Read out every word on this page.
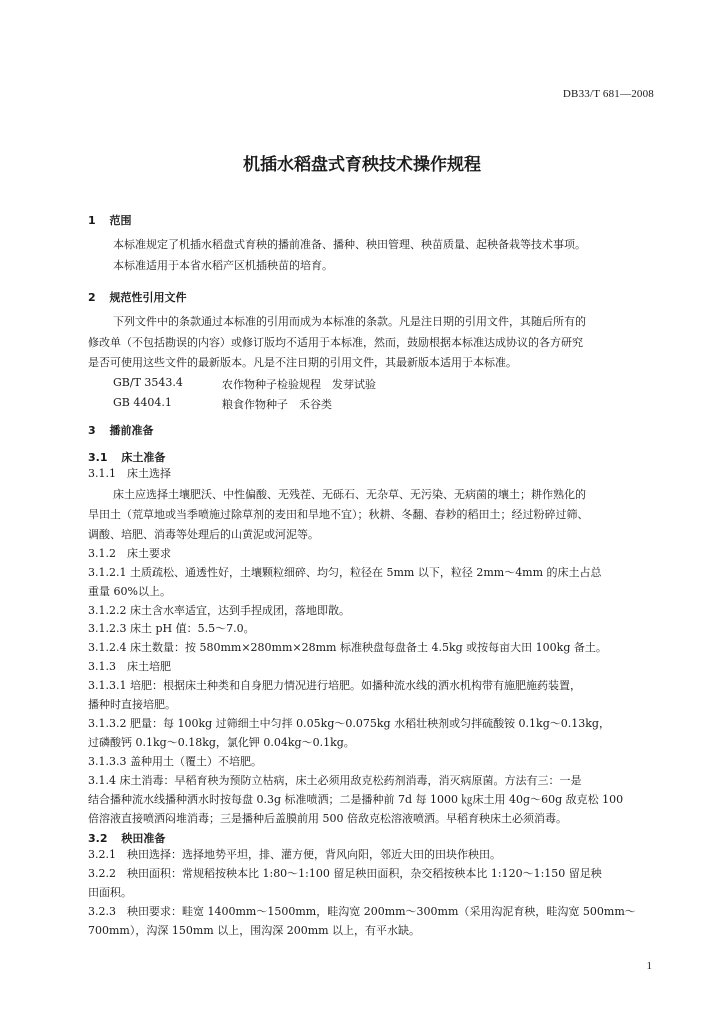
DB33/T 681—2008
机插水稻盘式育秧技术操作规程
1 范围
本标准规定了机插水稻盘式育秧的播前准备、播种、秧田管理、秧苗质量、起秧备栽等技术事项。
本标准适用于本省水稻产区机插秧苗的培育。
2 规范性引用文件
下列文件中的条款通过本标准的引用而成为本标准的条款。凡是注日期的引用文件，其随后所有的
修改单（不包括勘误的内容）或修订版均不适用于本标准，然而，鼓励根据本标准达成协议的各方研究
是否可使用这些文件的最新版本。凡是不注日期的引用文件，其最新版本适用于本标准。
GB/T 3543.4	农作物种子检验规程　发芽试验
GB 4404.1	粮食作物种子　禾谷类
3 播前准备
3.1 床土准备
3.1.1　床土选择
床土应选择土壤肥沃、中性偏酸、无残茬、无砾石、无杂草、无污染、无病菌的壤土；耕作熟化的
旱田土（荒草地或当季喷施过除草剂的麦田和旱地不宜）；秋耕、冬翻、春耖的稻田土；经过粉碎过筛、
调酸、培肥、消毒等处理后的山黄泥或河泥等。
3.1.2　床土要求
3.1.2.1 土质疏松、通透性好，土壤颗粒细碎、均匀，粒径在 5mm 以下，粒径 2mm～4mm 的床土占总
重量 60%以上。
3.1.2.2 床土含水率适宜，达到手捏成团，落地即散。
3.1.2.3 床土 pH 值：5.5～7.0。
3.1.2.4 床土数量：按 580mm×280mm×28mm 标准秧盘每盘备土 4.5kg 或按每亩大田 100kg 备土。
3.1.3　床土培肥
3.1.3.1 培肥：根据床土种类和自身肥力情况进行培肥。如播种流水线的洒水机构带有施肥施药装置，
播种时直接培肥。
3.1.3.2 肥量：每 100kg 过筛细土中匀拌 0.05kg～0.075kg 水稻壮秧剂或匀拌硫酸铵 0.1kg～0.13kg，
过磷酸钙 0.1kg～0.18kg，氯化钾 0.04kg～0.1kg。
3.1.3.3 盖种用土（覆土）不培肥。
3.1.4 床土消毒：早稻育秧为预防立枯病，床土必须用敌克松药剂消毒，消灭病原菌。方法有三：一是
结合播种流水线播种洒水时按每盘 0.3g 标准喷洒；二是播种前 7d 每 1000 ㎏床土用 40g～60g 敌克松 100
倍溶液直接喷洒闷堆消毒；三是播种后盖膜前用 500 倍敌克松溶液喷洒。早稻育秧床土必须消毒。
3.2 秧田准备
3.2.1　秧田选择：选择地势平坦，排、灌方便，背风向阳，邻近大田的田块作秧田。
3.2.2　秧田面积：常规稻按秧本比 1:80～1:100 留足秧田面积，杂交稻按秧本比 1:120～1:150 留足秧
田面积。
3.2.3　秧田要求：畦宽 1400mm～1500mm，畦沟宽 200mm～300mm（采用沟泥育秧，畦沟宽 500mm～
700mm），沟深 150mm 以上，围沟深 200mm 以上，有平水缺。
1
